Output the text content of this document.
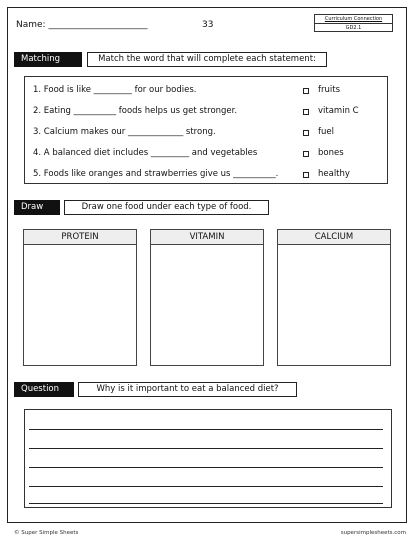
Name: ______________________	33
Curriculum Connection
GD2.1
Matching	Match the word that will complete each statement:
1. Food is like _________ for our bodies.
2. Eating __________ foods helps us get stronger.
3. Calcium makes our _____________ strong.
4. A balanced diet includes _________ and vegetables
5. Foods like oranges and strawberries give us __________.
fruits
vitamin C
fuel
bones
healthy
Draw	Draw one food under each type of food.
PROTEIN	VITAMIN	CALCIUM
Question	Why is it important to eat a balanced diet?
© Super Simple Sheets	supersimplesheets.com
